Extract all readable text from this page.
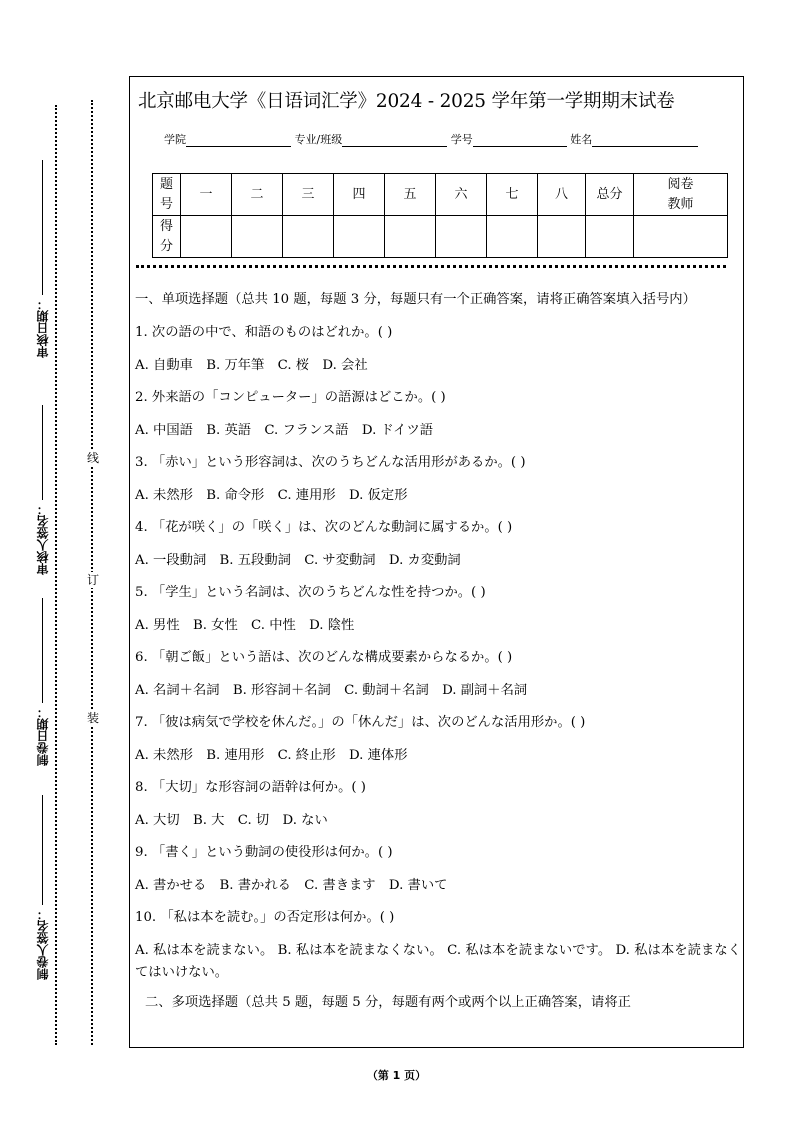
审核日期：
审核人签名：
制卷日期：
制卷人签名：
线
订
装
北京邮电大学《日语词汇学》2024 - 2025 学年第一学期期末试卷
学院	专业/班级	学号	姓名
题号	一	二	三	四	五	六	七	八	总分	阅卷教师
得分										

一、单项选择题（总共 10 题，每题 3 分，每题只有一个正确答案，请将正确答案填入括号内）

1. 次の語の中で、和語のものはどれか。( )

A. 自動車　B. 万年筆　C. 桜　D. 会社

2. 外来語の「コンピューター」の語源はどこか。( )

A. 中国語　B. 英語　C. フランス語　D. ドイツ語

3. 「赤い」という形容詞は、次のうちどんな活用形があるか。( )

A. 未然形　B. 命令形　C. 連用形　D. 仮定形

4. 「花が咲く」の「咲く」は、次のどんな動詞に属するか。( )

A. 一段動詞　B. 五段動詞　C. サ変動詞　D. カ変動詞

5. 「学生」という名詞は、次のうちどんな性を持つか。( )

A. 男性　B. 女性　C. 中性　D. 陰性

6. 「朝ご飯」という語は、次のどんな構成要素からなるか。( )

A. 名詞＋名詞　B. 形容詞＋名詞　C. 動詞＋名詞　D. 副詞＋名詞

7. 「彼は病気で学校を休んだ。」の「休んだ」は、次のどんな活用形か。( )

A. 未然形　B. 連用形　C. 終止形　D. 連体形

8. 「大切」な形容詞の語幹は何か。( )

A. 大切　B. 大　C. 切　D. ない

9. 「書く」という動詞の使役形は何か。( )

A. 書かせる　B. 書かれる　C. 書きます　D. 書いて

10. 「私は本を読む。」の否定形は何か。( )

A. 私は本を読まない。 B. 私は本を読まなくない。 C. 私は本を読まないです。 D. 私は本を読まなくてはいけない。

二、多项选择题（总共 5 题，每题 5 分，每题有两个或两个以上正确答案，请将正

（第 1 页）
